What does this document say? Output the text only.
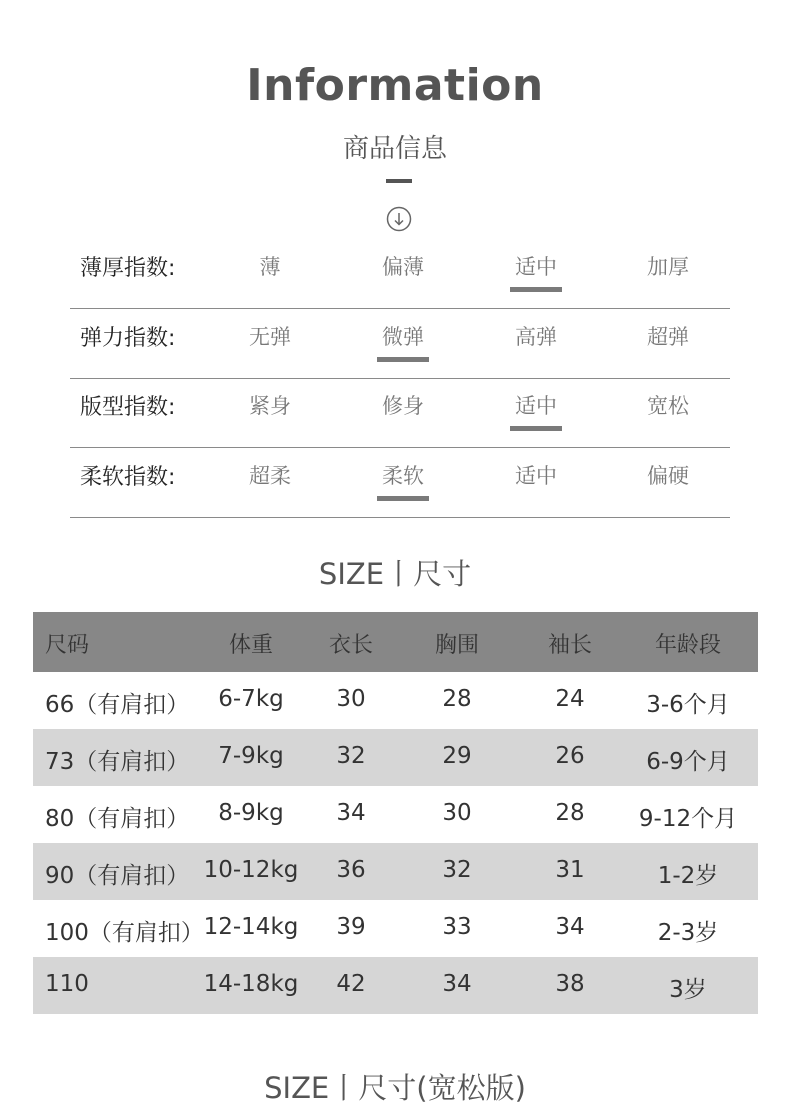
Information
商品信息
薄厚指数:	薄	偏薄	适中	加厚
弹力指数:	无弹	微弹	高弹	超弹
版型指数:	紧身	修身	适中	宽松
柔软指数:	超柔	柔软	适中	偏硬
SIZE丨尺寸
尺码	体重	衣长	胸围	袖长	年龄段
66（有肩扣）	6-7kg	30	28	24	3-6个月
73（有肩扣）	7-9kg	32	29	26	6-9个月
80（有肩扣）	8-9kg	34	30	28	9-12个月
90（有肩扣） 10-12kg	36	32	31	1-2岁
100（有肩扣） 12-14kg	39	33	34	2-3岁
110	14-18kg	42	34	38	3岁
SIZE丨尺寸(宽松版)
